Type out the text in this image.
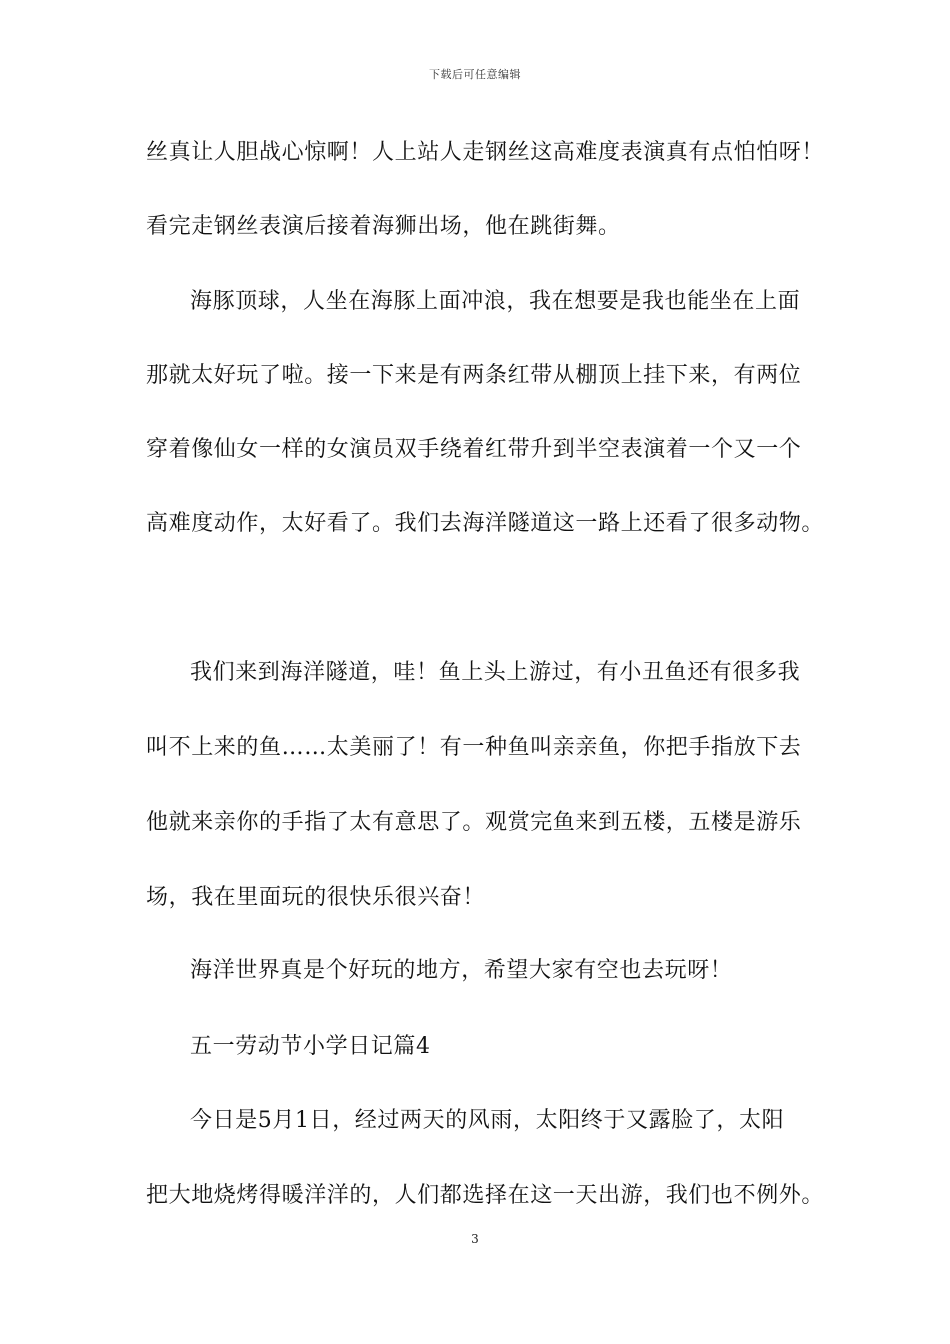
下载后可任意编辑
丝真让人胆战心惊啊！人上站人走钢丝这高难度表演真有点怕怕呀！
看完走钢丝表演后接着海狮出场，他在跳街舞。
海豚顶球，人坐在海豚上面冲浪，我在想要是我也能坐在上面
那就太好玩了啦。接一下来是有两条红带从棚顶上挂下来，有两位
穿着像仙女一样的女演员双手绕着红带升到半空表演着一个又一个
高难度动作，太好看了。我们去海洋隧道这一路上还看了很多动物。
我们来到海洋隧道，哇！鱼上头上游过，有小丑鱼还有很多我
叫不上来的鱼……太美丽了！有一种鱼叫亲亲鱼，你把手指放下去
他就来亲你的手指了太有意思了。观赏完鱼来到五楼，五楼是游乐
场，我在里面玩的很快乐很兴奋！
海洋世界真是个好玩的地方，希望大家有空也去玩呀！
五一劳动节小学日记篇4
今日是5月1日，经过两天的风雨，太阳终于又露脸了，太阳
把大地烧烤得暖洋洋的，人们都选择在这一天出游，我们也不例外。
3
